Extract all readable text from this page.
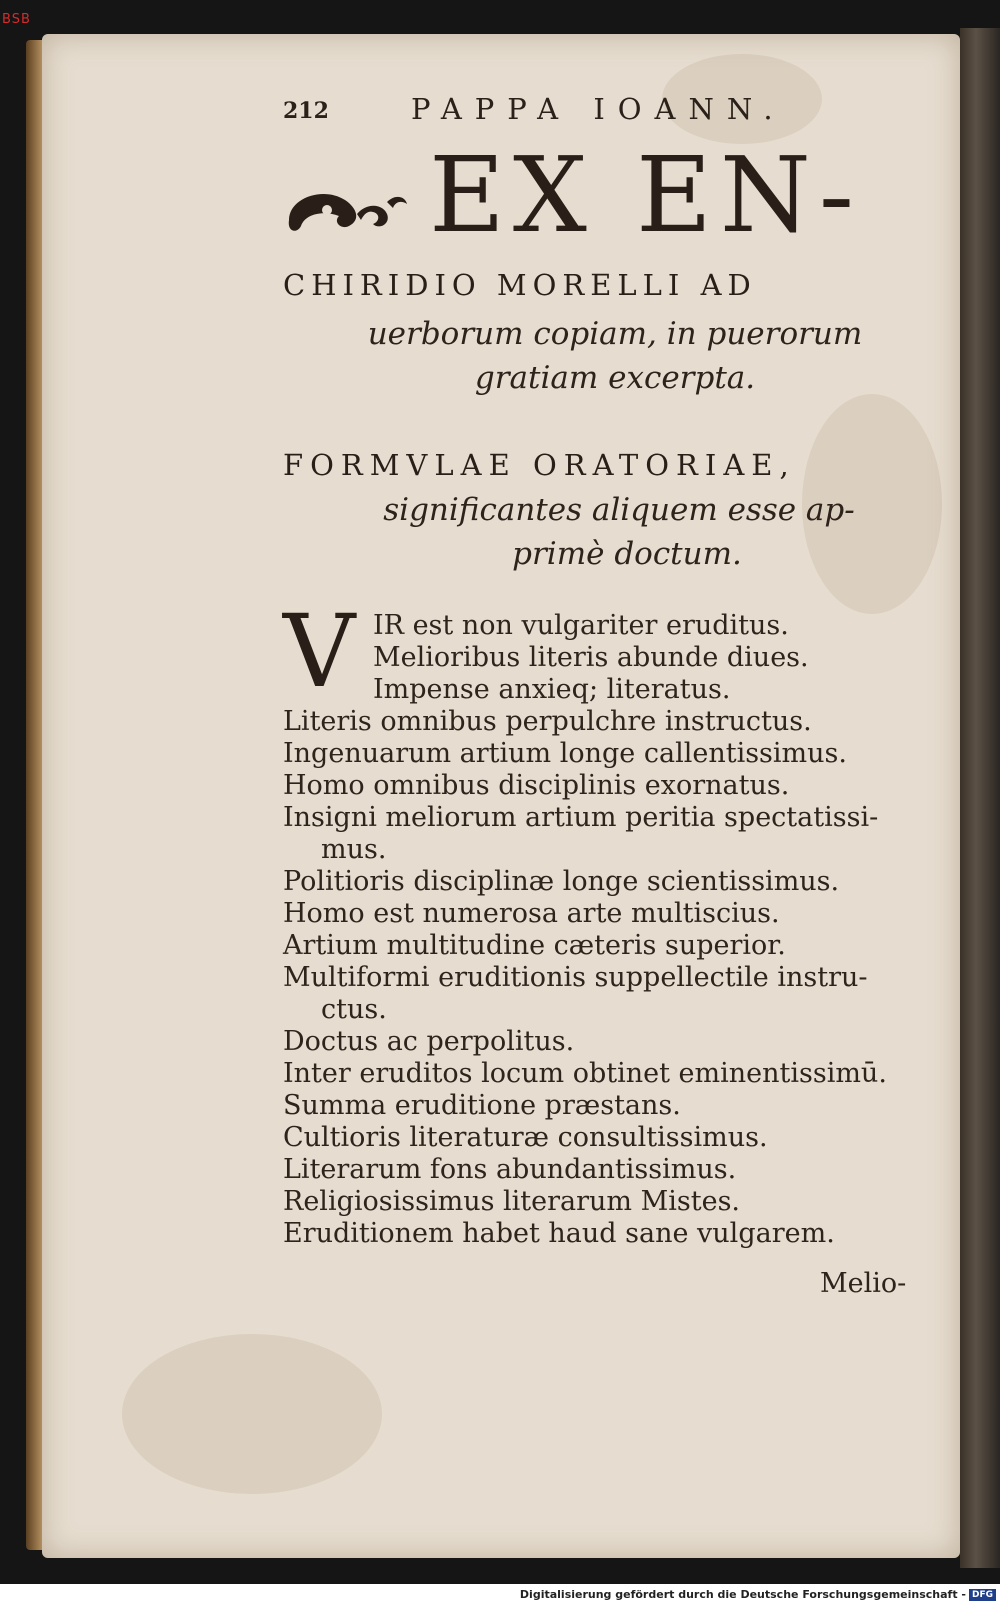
BSB
212	PAPPA IOANN.
EX EN-
CHIRIDIO MORELLI AD
uerborum copiam, in puerorum
gratiam excerpta.
FORMVLAE ORATORIAE,
significantes aliquem esse ap-
primè doctum.
V IR est non vulgariter eruditus.
Melioribus literis abunde diues.
Impense anxieq; literatus.
Literis omnibus perpulchre instructus.
Ingenuarum artium longe callentissimus.
Homo omnibus disciplinis exornatus.
Insigni meliorum artium peritia spectatissi-
mus.
Politioris disciplinæ longe scientissimus.
Homo est numerosa arte multiscius.
Artium multitudine cæteris superior.
Multiformi eruditionis suppellectile instru-
ctus.
Doctus ac perpolitus.
Inter eruditos locum obtinet eminentissimū.
Summa eruditione præstans.
Cultioris literaturæ consultissimus.
Literarum fons abundantissimus.
Religiosissimus literarum Mistes.
Eruditionem habet haud sane vulgarem.
Melio-
Digitalisierung gefördert durch die Deutsche Forschungsgemeinschaft - DFG
